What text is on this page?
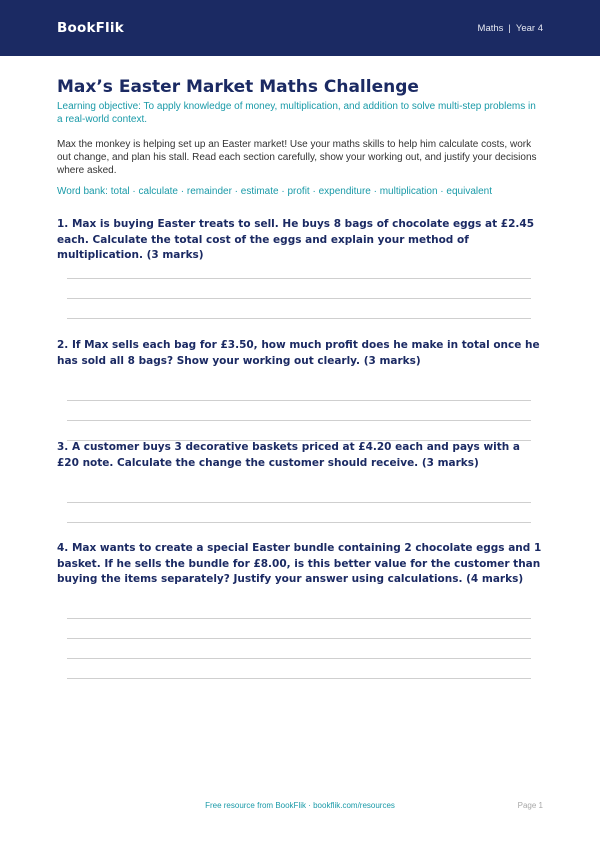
BookFlik	Maths | Year 4
Max’s Easter Market Maths Challenge
Learning objective: To apply knowledge of money, multiplication, and addition to solve multi-step problems in a real-world context.
Max the monkey is helping set up an Easter market! Use your maths skills to help him calculate costs, work out change, and plan his stall. Read each section carefully, show your working out, and justify your decisions where asked.
Word bank: total · calculate · remainder · estimate · profit · expenditure · multiplication · equivalent
1. Max is buying Easter treats to sell. He buys 8 bags of chocolate eggs at £2.45 each. Calculate the total cost of the eggs and explain your method of multiplication. (3 marks)
2. If Max sells each bag for £3.50, how much profit does he make in total once he has sold all 8 bags? Show your working out clearly. (3 marks)
3. A customer buys 3 decorative baskets priced at £4.20 each and pays with a £20 note. Calculate the change the customer should receive. (3 marks)
4. Max wants to create a special Easter bundle containing 2 chocolate eggs and 1 basket. If he sells the bundle for £8.00, is this better value for the customer than buying the items separately? Justify your answer using calculations. (4 marks)
Free resource from BookFlik · bookflik.com/resources	Page 1
